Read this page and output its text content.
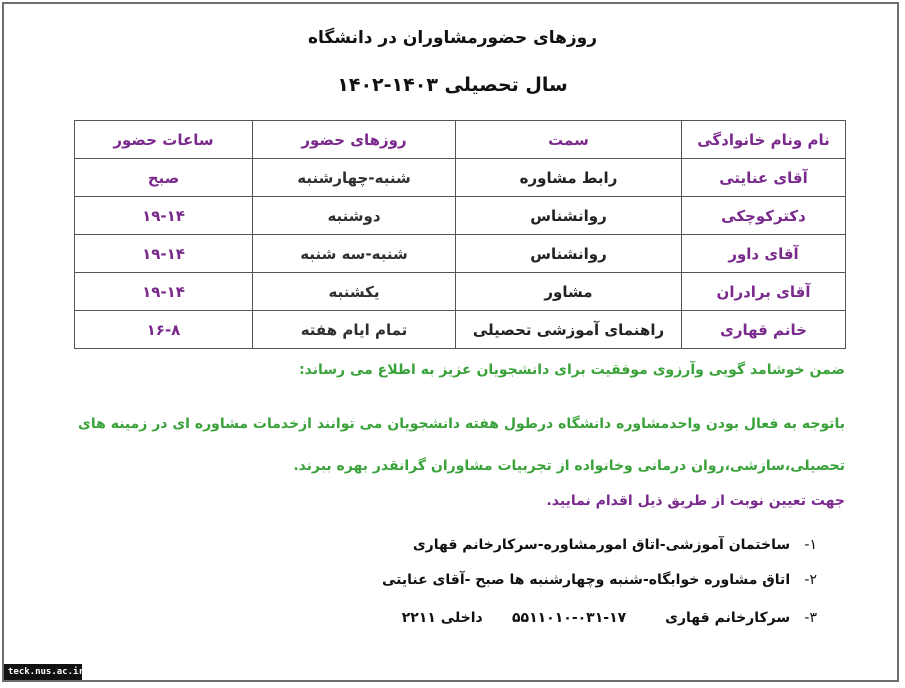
روزهای حضورمشاوران در دانشگاه
سال تحصیلی ۱۴۰۳-۱۴۰۲
نام ونام خانوادگی	سمت	روزهای حضور	ساعات حضور
آقای عنایتی	رابط مشاوره	شنبه-چهارشنبه	صبح
دکترکوچکی	روانشناس	دوشنبه	۱۹-۱۴
آقای داور	روانشناس	شنبه-سه شنبه	۱۹-۱۴
آقای برادران	مشاور	یکشنبه	۱۹-۱۴
خانم قهاری	راهنمای آموزشی تحصیلی	تمام ایام هفته	۱۶-۸
ضمن خوشامد گویی وآرزوی موفقیت برای دانشجویان عزیز به اطلاع می رساند:
باتوجه به فعال بودن واحدمشاوره دانشگاه درطول هفته دانشجویان می توانند ازخدمات مشاوره ای در زمینه های تحصیلی،سازشی،روان درمانی وخانواده از تجربیات مشاوران گرانقدر بهره ببرند.
جهت تعیین نوبت از طریق ذیل اقدام نمایید.
۱- ساختمان آموزشی-اتاق امورمشاوره-سرکارخانم قهاری
۲- اتاق مشاوره خوابگاه-شنبه وچهارشنبه ها صبح -آقای عنایتی
۳- سرکارخانم قهاری        ۱۷-۰۳۱-۵۵۱۱۰۱۰      داخلی ۲۲۱۱
teck.nus.ac.ir
